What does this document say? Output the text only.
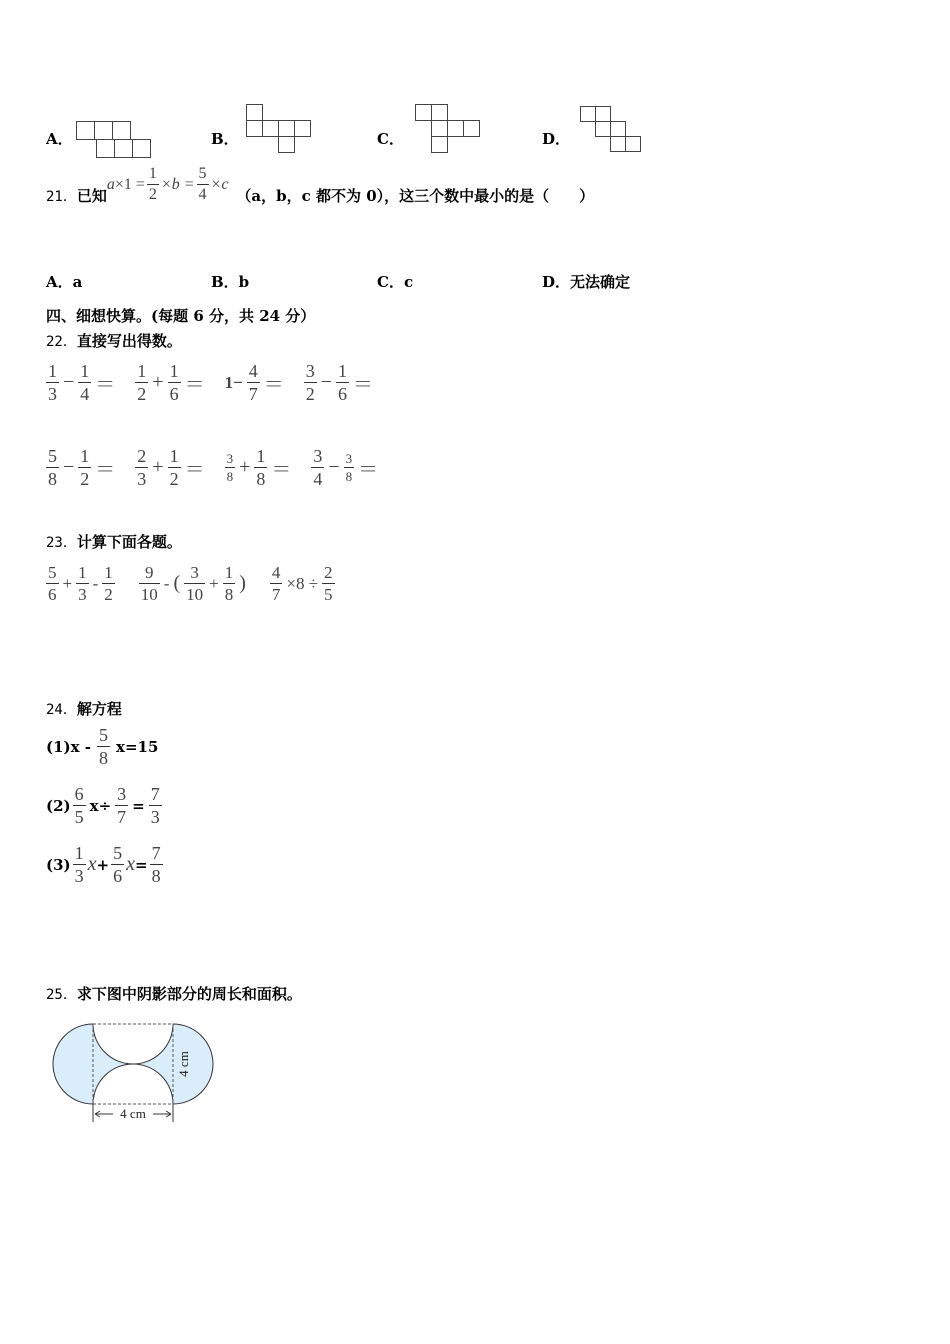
A．	B．	C．	D．
21． 已知
$a \times 1 = \frac{1}{2} \times b = \frac{5}{4} \times c$
（a，b，c 都不为 0），这三个数中最小的是（　　）
A．a	B．b	C．c	D．无法确定
四、细想快算。(每题 6 分，共 24 分）
22． 直接写出得数。
$\frac{1}{3} - \frac{1}{4} = \frac{1}{2} + \frac{1}{6} = 1- \frac{4}{7} = \frac{3}{2} - \frac{1}{6}$ ＝
$\frac{5}{8} - \frac{1}{2} = \frac{2}{3} + \frac{1}{2} = \frac{3}{8} + \frac{1}{8} = \frac{3}{4} - \frac{3}{8}$ ＝
23． 计算下面各题。
$\frac{5}{6} + \frac{1}{3} - \frac{1}{2} \frac{9}{10}$ - ( $\frac{3}{10} + \frac{1}{8}$ ) $\frac{4}{7} \times 8 \div \frac{2}{5}$
24． 解方程
$(1)x - \frac{5}{8} x=15$
$(2) \frac{6}{5} x\div \frac{3}{7} = \frac{7}{3}$
$(3) \frac{1}{3}$ $x + \frac{5}{6}$ $x = \frac{7}{8}$
25． 求下图中阴影部分的周长和面积。
4 cm
4 cm
